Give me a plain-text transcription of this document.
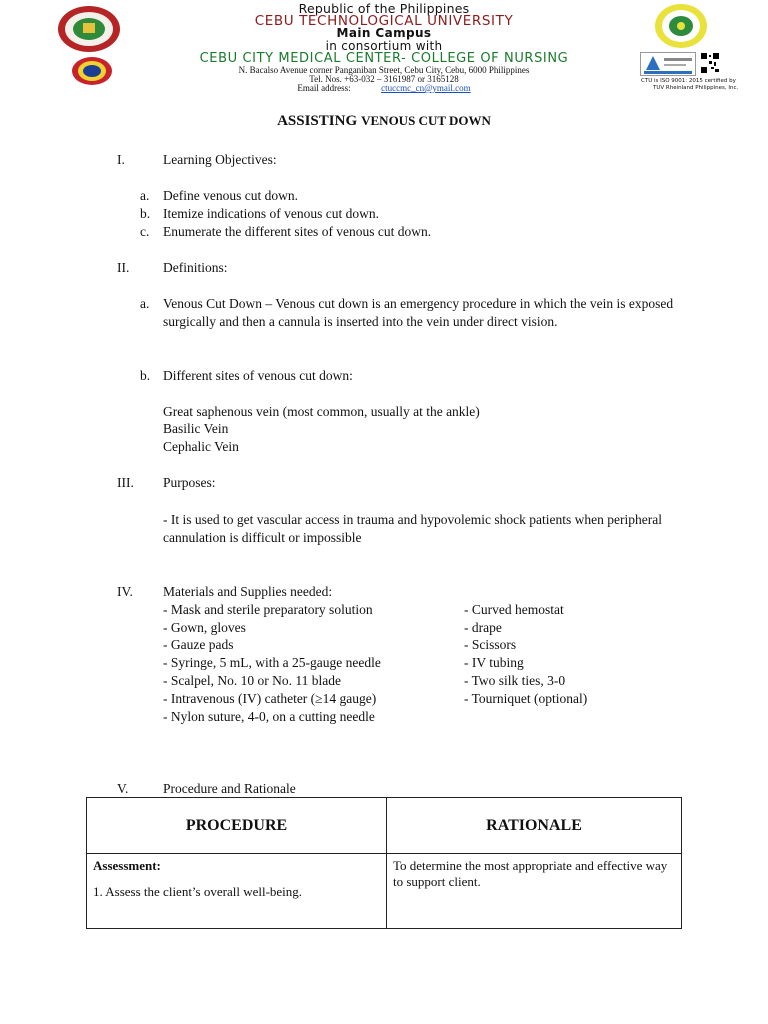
CTU is ISO 9001: 2015 certified by
TUV Rheinland Philippines, Inc.
Republic of the Philippines
CEBU TECHNOLOGICAL UNIVERSITY
Main Campus
in consortium with
CEBU CITY MEDICAL CENTER- COLLEGE OF NURSING
N. Bacalso Avenue corner Panganiban Street, Cebu City, Cebu, 6000 Philippines
Tel. Nos. +63-032 – 3161987 or 3165128
Email address:	ctuccmc_cn@ymail.com
ASSISTING VENOUS CUT DOWN
I.	Learning Objectives:
a. Define venous cut down.
b. Itemize indications of venous cut down.
c. Enumerate the different sites of venous cut down.
II. Definitions:
a. Venous Cut Down – Venous cut down is an emergency procedure in which the vein is exposed surgically and then a cannula is inserted into the vein under direct vision.
b. Different sites of venous cut down:
Great saphenous vein (most common, usually at the ankle)
Basilic Vein
Cephalic Vein
III. Purposes:
- It is used to get vascular access in trauma and hypovolemic shock patients when peripheral cannulation is difficult or impossible
IV. Materials and Supplies needed:
- Mask and sterile preparatory solution
- Gown, gloves
- Gauze pads
- Syringe, 5 mL, with a 25-gauge needle
- Scalpel, No. 10 or No. 11 blade
- Intravenous (IV) catheter (≥14 gauge)
- Nylon suture, 4-0, on a cutting needle
- Curved hemostat
- drape
- Scissors
- IV tubing
- Two silk ties, 3-0
- Tourniquet (optional)
V.	Procedure and Rationale
PROCEDURE	RATIONALE

Assessment:
1. Assess the client’s overall well-being.	To determine the most appropriate and effective way to support client.
